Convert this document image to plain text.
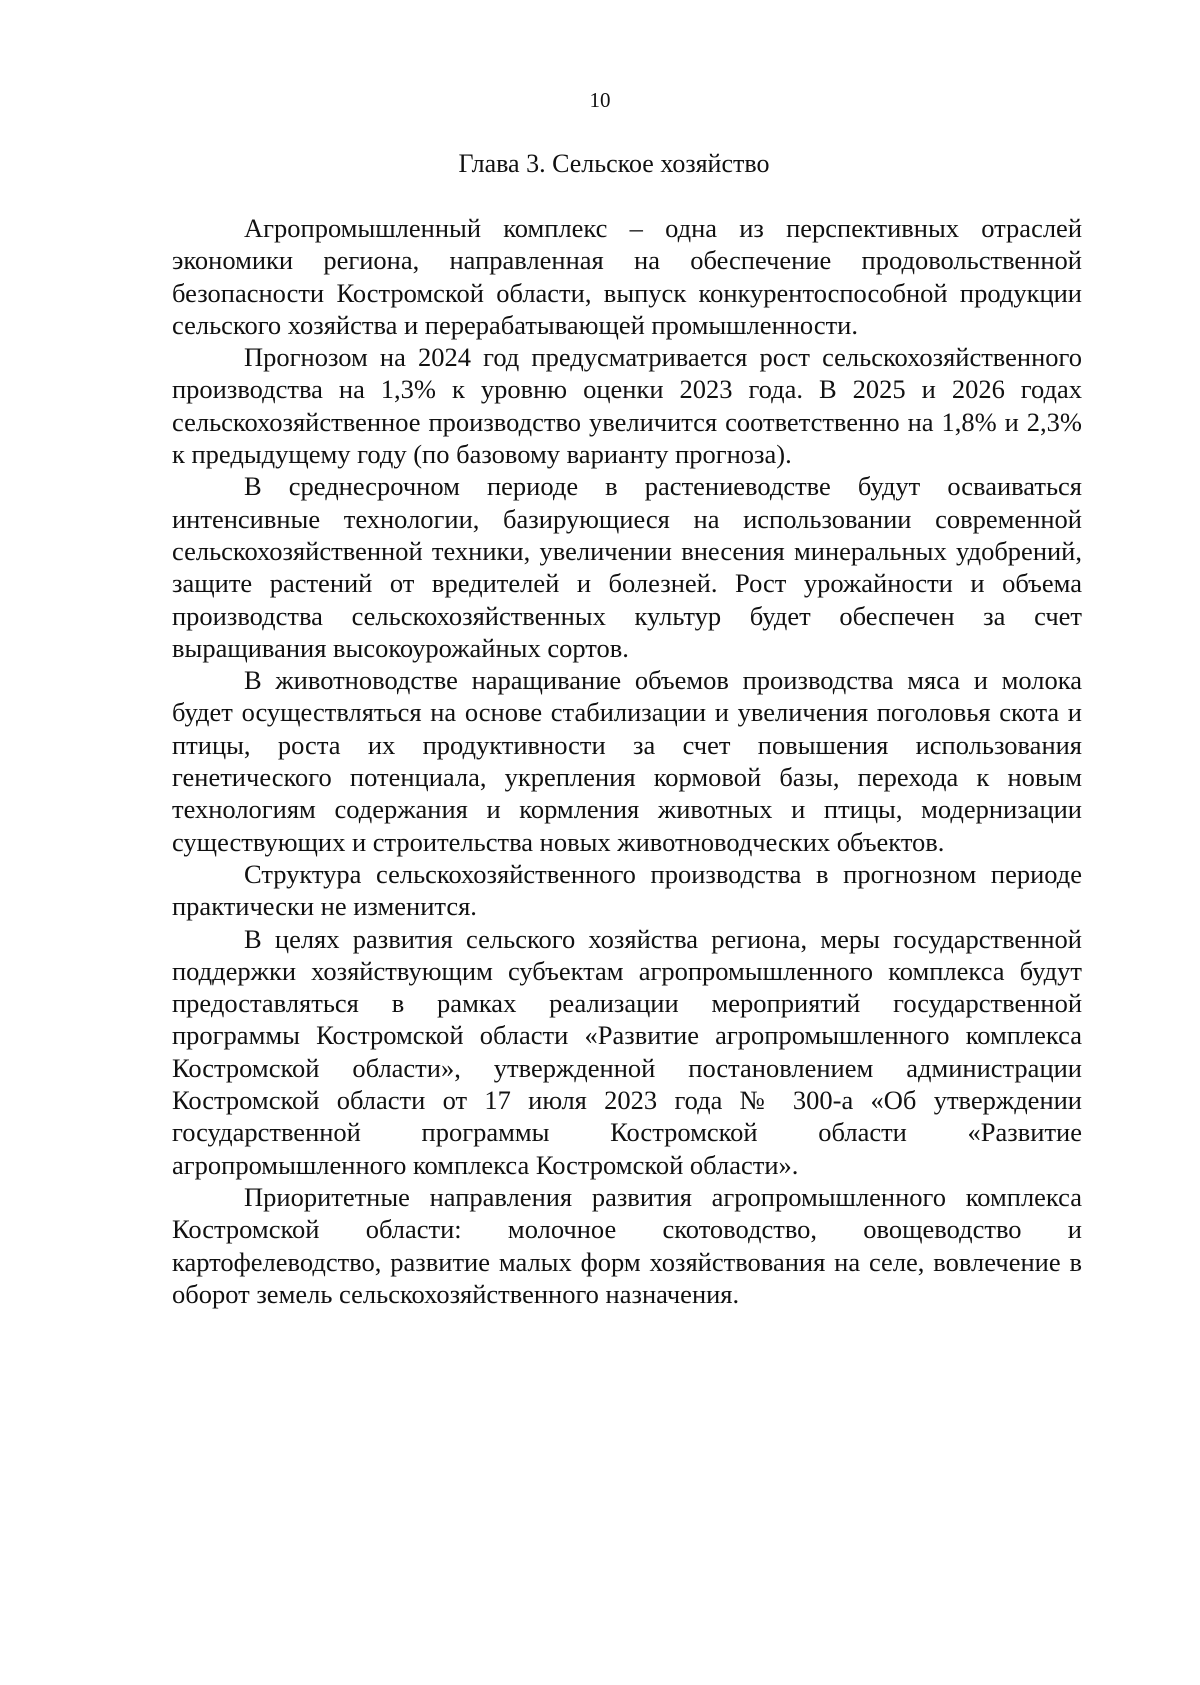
10
Глава 3. Сельское хозяйство

Агропромышленный комплекс – одна из перспективных отраслей экономики региона, направленная на обеспечение продовольственной безопасности Костромской области, выпуск конкурентоспособной продукции сельского хозяйства и перерабатывающей промышленности.

Прогнозом на 2024 год предусматривается рост сельскохозяйственного производства на 1,3% к уровню оценки 2023 года. В 2025 и 2026 годах сельскохозяйственное производство увеличится соответственно на 1,8% и 2,3% к предыдущему году (по базовому варианту прогноза).

В среднесрочном периоде в растениеводстве будут осваиваться интенсивные технологии, базирующиеся на использовании современной сельскохозяйственной техники, увеличении внесения минеральных удобрений, защите растений от вредителей и болезней. Рост урожайности и объема производства сельскохозяйственных культур будет обеспечен за счет выращивания высокоурожайных сортов.

В животноводстве наращивание объемов производства мяса и молока будет осуществляться на основе стабилизации и увеличения поголовья скота и птицы, роста их продуктивности за счет повышения использования генетического потенциала, укрепления кормовой базы, перехода к новым технологиям содержания и кормления животных и птицы, модернизации существующих и строительства новых животноводческих объектов.

Структура сельскохозяйственного производства в прогнозном периоде практически не изменится.

В целях развития сельского хозяйства региона, меры государственной поддержки хозяйствующим субъектам агропромышленного комплекса будут предоставляться в рамках реализации мероприятий государственной программы Костромской области «Развитие агропромышленного комплекса Костромской области», утвержденной постановлением администрации Костромской области от 17 июля 2023 года № 300-а «Об утверждении государственной программы Костромской области «Развитие агропромышленного комплекса Костромской области».

Приоритетные направления развития агропромышленного комплекса Костромской области: молочное скотоводство, овощеводство и картофелеводство, развитие малых форм хозяйствования на селе, вовлечение в оборот земель сельскохозяйственного назначения.
